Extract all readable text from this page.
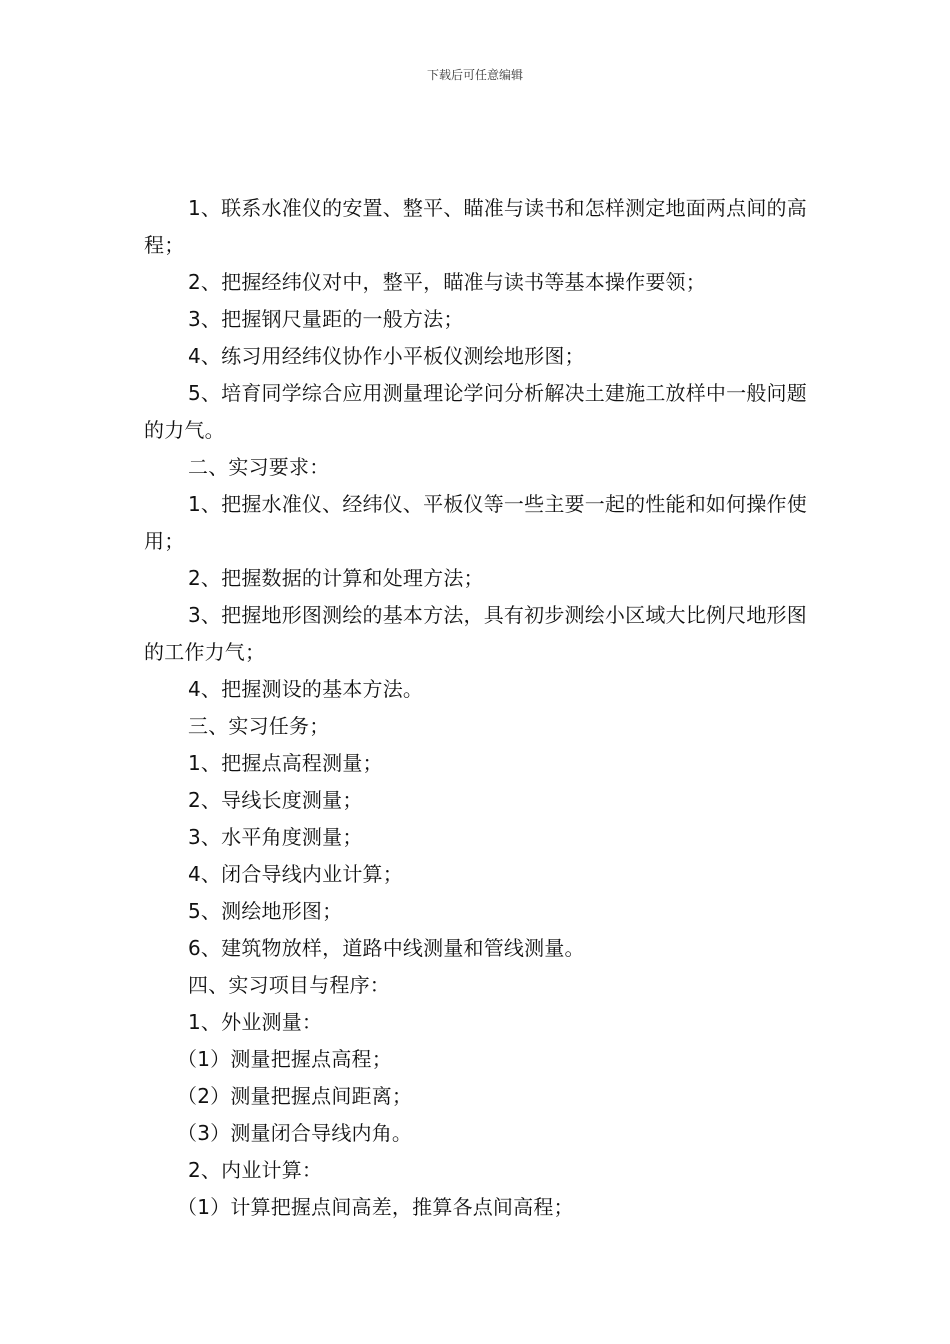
下载后可任意编辑

1、联系水准仪的安置、整平、瞄准与读书和怎样测定地面两点间的高程；

2、把握经纬仪对中，整平，瞄准与读书等基本操作要领；

3、把握钢尺量距的一般方法；

4、练习用经纬仪协作小平板仪测绘地形图；

5、培育同学综合应用测量理论学问分析解决土建施工放样中一般问题的力气。

二、实习要求：

1、把握水准仪、经纬仪、平板仪等一些主要一起的性能和如何操作使用；

2、把握数据的计算和处理方法；

3、把握地形图测绘的基本方法，具有初步测绘小区域大比例尺地形图的工作力气；

4、把握测设的基本方法。

三、实习任务；

1、把握点高程测量；

2、导线长度测量；

3、水平角度测量；

4、闭合导线内业计算；

5、测绘地形图；

6、建筑物放样，道路中线测量和管线测量。

四、实习项目与程序：

1、外业测量：

（1）测量把握点高程；

（2）测量把握点间距离；

（3）测量闭合导线内角。

2、内业计算：

（1）计算把握点间高差，推算各点间高程；
